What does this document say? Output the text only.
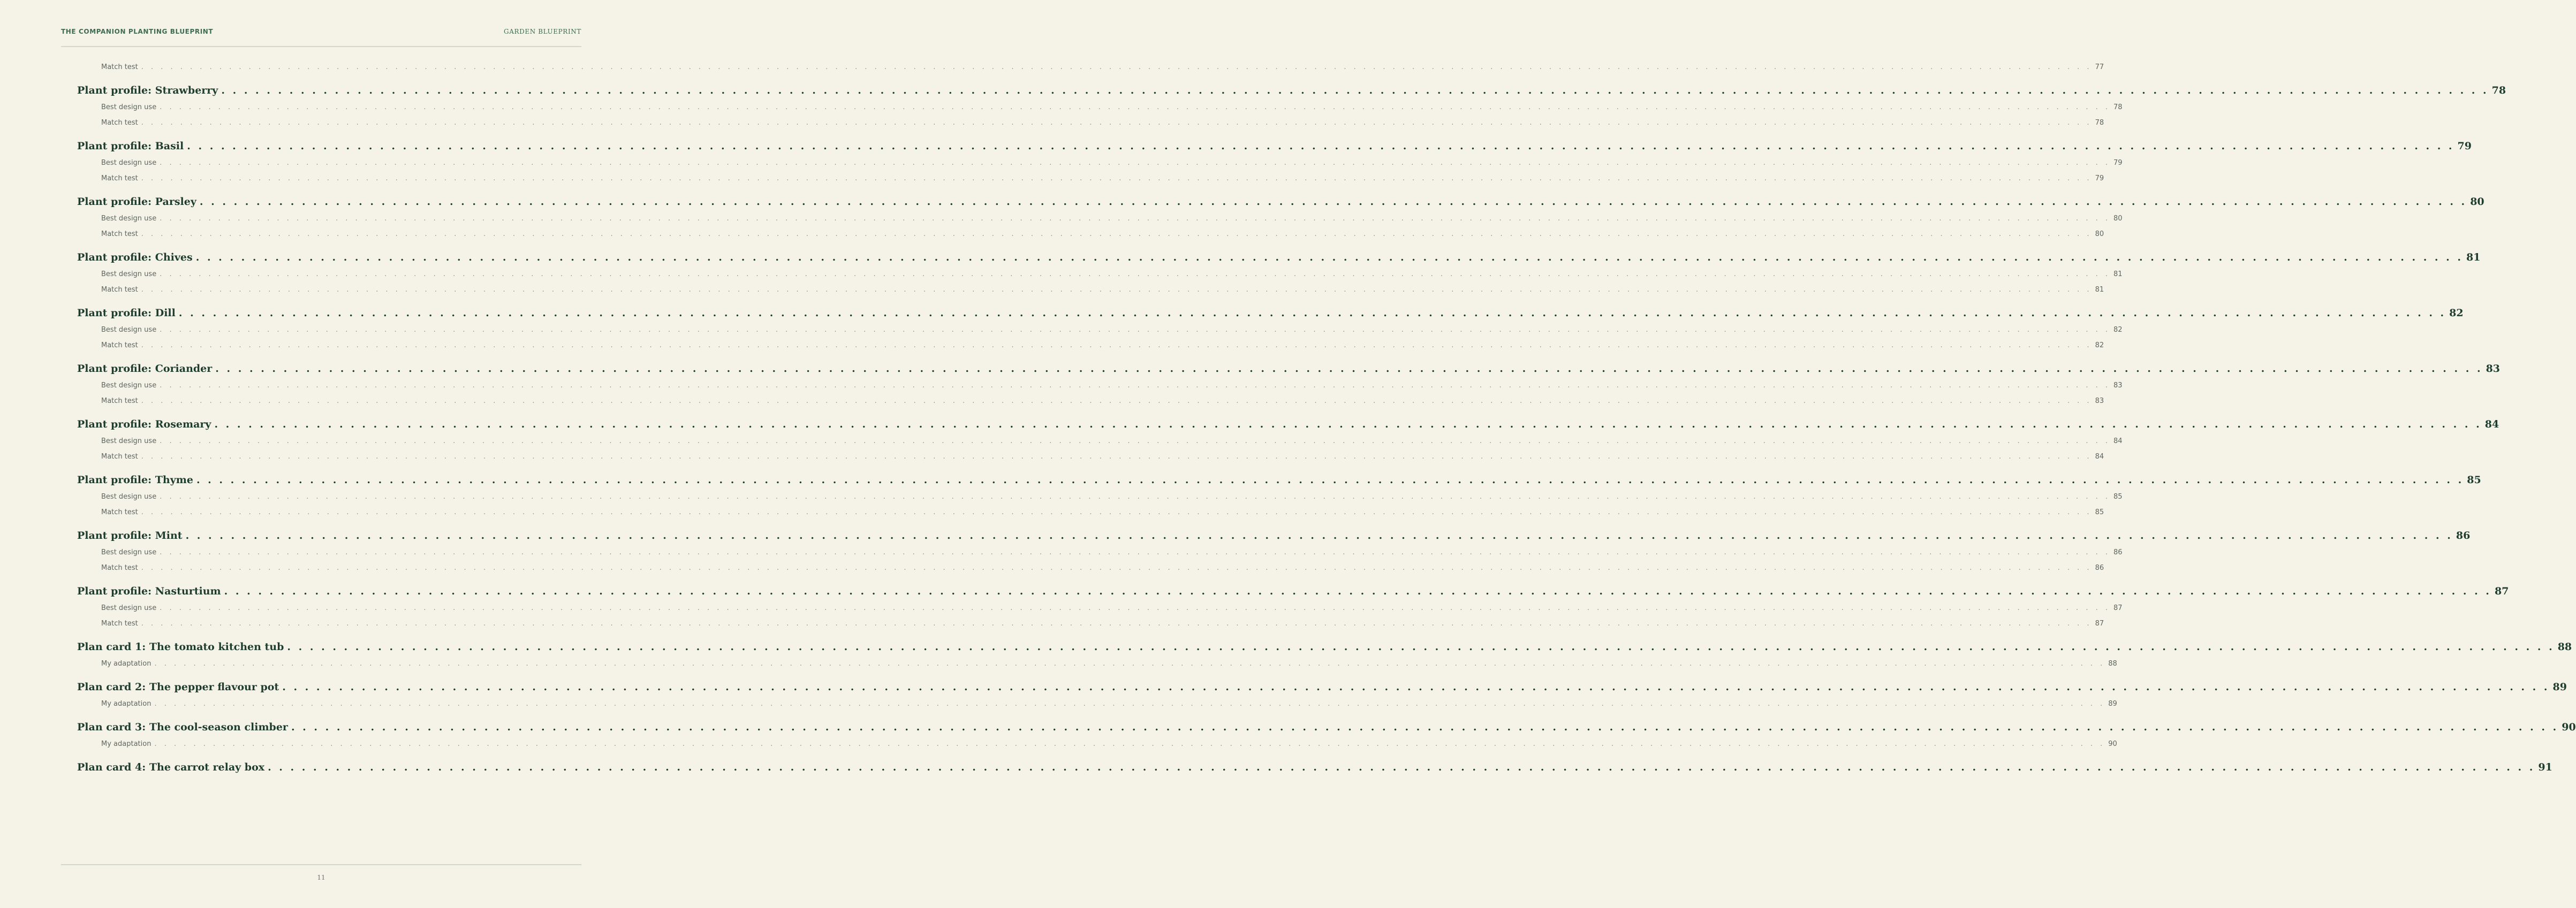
THE COMPANION PLANTING BLUEPRINT	GARDEN BLUEPRINT
Match test . . . . . . . . . . . . . . . . . . . . . . . . . . . . . . . . . . . . . . . . . . . . . . . . . . . . . . . . . . . . . . . . . . . . . . . . . . . . . . . . . . . . . . . . . . . . . . . . . . . . . . . . . . . . . . . . . . . . . . . . . . . . . . . . . . . . . . . . . . . . . . . . . . . . . . . . . . . . . . . . . . . . . . . . . . . . . . . . . . . . . . . . . . . . . . . . . . . . . . . . 77
Plant profile: Strawberry . . . . . . . . . . . . . . . . . . . . . . . . . . . . . . . . . . . . . . . . . . . . . . . . . . . . . . . . . . . . . . . . . . . . . . . . . . . . . . . . . . . . . . . . . . . . . . . . . . . . . . . . . . . . . . . . . . . . . . . . . . . . . . . . . . . . . . . . . . . . . . . . . . . . . . . . . . . . . . . . . . . . . . . . . . . . . . . . . . . . . . . . . . . . . . . . . . . . . . . . 78
Best design use . . . . . . . . . . . . . . . . . . . . . . . . . . . . . . . . . . . . . . . . . . . . . . . . . . . . . . . . . . . . . . . . . . . . . . . . . . . . . . . . . . . . . . . . . . . . . . . . . . . . . . . . . . . . . . . . . . . . . . . . . . . . . . . . . . . . . . . . . . . . . . . . . . . . . . . . . . . . . . . . . . . . . . . . . . . . . . . . . . . . . . . . . . . . . . . . . . . . . . . . 78
Match test . . . . . . . . . . . . . . . . . . . . . . . . . . . . . . . . . . . . . . . . . . . . . . . . . . . . . . . . . . . . . . . . . . . . . . . . . . . . . . . . . . . . . . . . . . . . . . . . . . . . . . . . . . . . . . . . . . . . . . . . . . . . . . . . . . . . . . . . . . . . . . . . . . . . . . . . . . . . . . . . . . . . . . . . . . . . . . . . . . . . . . . . . . . . . . . . . . . . . . . . 78
Plant profile: Basil . . . . . . . . . . . . . . . . . . . . . . . . . . . . . . . . . . . . . . . . . . . . . . . . . . . . . . . . . . . . . . . . . . . . . . . . . . . . . . . . . . . . . . . . . . . . . . . . . . . . . . . . . . . . . . . . . . . . . . . . . . . . . . . . . . . . . . . . . . . . . . . . . . . . . . . . . . . . . . . . . . . . . . . . . . . . . . . . . . . . . . . . . . . . . . . . . . . . . . . . 79
Best design use . . . . . . . . . . . . . . . . . . . . . . . . . . . . . . . . . . . . . . . . . . . . . . . . . . . . . . . . . . . . . . . . . . . . . . . . . . . . . . . . . . . . . . . . . . . . . . . . . . . . . . . . . . . . . . . . . . . . . . . . . . . . . . . . . . . . . . . . . . . . . . . . . . . . . . . . . . . . . . . . . . . . . . . . . . . . . . . . . . . . . . . . . . . . . . . . . . . . . . . . 79
Match test . . . . . . . . . . . . . . . . . . . . . . . . . . . . . . . . . . . . . . . . . . . . . . . . . . . . . . . . . . . . . . . . . . . . . . . . . . . . . . . . . . . . . . . . . . . . . . . . . . . . . . . . . . . . . . . . . . . . . . . . . . . . . . . . . . . . . . . . . . . . . . . . . . . . . . . . . . . . . . . . . . . . . . . . . . . . . . . . . . . . . . . . . . . . . . . . . . . . . . . . 79
Plant profile: Parsley . . . . . . . . . . . . . . . . . . . . . . . . . . . . . . . . . . . . . . . . . . . . . . . . . . . . . . . . . . . . . . . . . . . . . . . . . . . . . . . . . . . . . . . . . . . . . . . . . . . . . . . . . . . . . . . . . . . . . . . . . . . . . . . . . . . . . . . . . . . . . . . . . . . . . . . . . . . . . . . . . . . . . . . . . . . . . . . . . . . . . . . . . . . . . . . . . . . . . . . . 80
Best design use . . . . . . . . . . . . . . . . . . . . . . . . . . . . . . . . . . . . . . . . . . . . . . . . . . . . . . . . . . . . . . . . . . . . . . . . . . . . . . . . . . . . . . . . . . . . . . . . . . . . . . . . . . . . . . . . . . . . . . . . . . . . . . . . . . . . . . . . . . . . . . . . . . . . . . . . . . . . . . . . . . . . . . . . . . . . . . . . . . . . . . . . . . . . . . . . . . . . . . . . 80
Match test . . . . . . . . . . . . . . . . . . . . . . . . . . . . . . . . . . . . . . . . . . . . . . . . . . . . . . . . . . . . . . . . . . . . . . . . . . . . . . . . . . . . . . . . . . . . . . . . . . . . . . . . . . . . . . . . . . . . . . . . . . . . . . . . . . . . . . . . . . . . . . . . . . . . . . . . . . . . . . . . . . . . . . . . . . . . . . . . . . . . . . . . . . . . . . . . . . . . . . . . 80
Plant profile: Chives . . . . . . . . . . . . . . . . . . . . . . . . . . . . . . . . . . . . . . . . . . . . . . . . . . . . . . . . . . . . . . . . . . . . . . . . . . . . . . . . . . . . . . . . . . . . . . . . . . . . . . . . . . . . . . . . . . . . . . . . . . . . . . . . . . . . . . . . . . . . . . . . . . . . . . . . . . . . . . . . . . . . . . . . . . . . . . . . . . . . . . . . . . . . . . . . . . . . . . . . 81
Best design use . . . . . . . . . . . . . . . . . . . . . . . . . . . . . . . . . . . . . . . . . . . . . . . . . . . . . . . . . . . . . . . . . . . . . . . . . . . . . . . . . . . . . . . . . . . . . . . . . . . . . . . . . . . . . . . . . . . . . . . . . . . . . . . . . . . . . . . . . . . . . . . . . . . . . . . . . . . . . . . . . . . . . . . . . . . . . . . . . . . . . . . . . . . . . . . . . . . . . . . . 81
Match test . . . . . . . . . . . . . . . . . . . . . . . . . . . . . . . . . . . . . . . . . . . . . . . . . . . . . . . . . . . . . . . . . . . . . . . . . . . . . . . . . . . . . . . . . . . . . . . . . . . . . . . . . . . . . . . . . . . . . . . . . . . . . . . . . . . . . . . . . . . . . . . . . . . . . . . . . . . . . . . . . . . . . . . . . . . . . . . . . . . . . . . . . . . . . . . . . . . . . . . . 81
Plant profile: Dill . . . . . . . . . . . . . . . . . . . . . . . . . . . . . . . . . . . . . . . . . . . . . . . . . . . . . . . . . . . . . . . . . . . . . . . . . . . . . . . . . . . . . . . . . . . . . . . . . . . . . . . . . . . . . . . . . . . . . . . . . . . . . . . . . . . . . . . . . . . . . . . . . . . . . . . . . . . . . . . . . . . . . . . . . . . . . . . . . . . . . . . . . . . . . . . . . . . . . . . . 82
Best design use . . . . . . . . . . . . . . . . . . . . . . . . . . . . . . . . . . . . . . . . . . . . . . . . . . . . . . . . . . . . . . . . . . . . . . . . . . . . . . . . . . . . . . . . . . . . . . . . . . . . . . . . . . . . . . . . . . . . . . . . . . . . . . . . . . . . . . . . . . . . . . . . . . . . . . . . . . . . . . . . . . . . . . . . . . . . . . . . . . . . . . . . . . . . . . . . . . . . . . . . 82
Match test . . . . . . . . . . . . . . . . . . . . . . . . . . . . . . . . . . . . . . . . . . . . . . . . . . . . . . . . . . . . . . . . . . . . . . . . . . . . . . . . . . . . . . . . . . . . . . . . . . . . . . . . . . . . . . . . . . . . . . . . . . . . . . . . . . . . . . . . . . . . . . . . . . . . . . . . . . . . . . . . . . . . . . . . . . . . . . . . . . . . . . . . . . . . . . . . . . . . . . . . 82
Plant profile: Coriander . . . . . . . . . . . . . . . . . . . . . . . . . . . . . . . . . . . . . . . . . . . . . . . . . . . . . . . . . . . . . . . . . . . . . . . . . . . . . . . . . . . . . . . . . . . . . . . . . . . . . . . . . . . . . . . . . . . . . . . . . . . . . . . . . . . . . . . . . . . . . . . . . . . . . . . . . . . . . . . . . . . . . . . . . . . . . . . . . . . . . . . . . . . . . . . . . . . . . . . . 83
Best design use . . . . . . . . . . . . . . . . . . . . . . . . . . . . . . . . . . . . . . . . . . . . . . . . . . . . . . . . . . . . . . . . . . . . . . . . . . . . . . . . . . . . . . . . . . . . . . . . . . . . . . . . . . . . . . . . . . . . . . . . . . . . . . . . . . . . . . . . . . . . . . . . . . . . . . . . . . . . . . . . . . . . . . . . . . . . . . . . . . . . . . . . . . . . . . . . . . . . . . . . 83
Match test . . . . . . . . . . . . . . . . . . . . . . . . . . . . . . . . . . . . . . . . . . . . . . . . . . . . . . . . . . . . . . . . . . . . . . . . . . . . . . . . . . . . . . . . . . . . . . . . . . . . . . . . . . . . . . . . . . . . . . . . . . . . . . . . . . . . . . . . . . . . . . . . . . . . . . . . . . . . . . . . . . . . . . . . . . . . . . . . . . . . . . . . . . . . . . . . . . . . . . . . 83
Plant profile: Rosemary . . . . . . . . . . . . . . . . . . . . . . . . . . . . . . . . . . . . . . . . . . . . . . . . . . . . . . . . . . . . . . . . . . . . . . . . . . . . . . . . . . . . . . . . . . . . . . . . . . . . . . . . . . . . . . . . . . . . . . . . . . . . . . . . . . . . . . . . . . . . . . . . . . . . . . . . . . . . . . . . . . . . . . . . . . . . . . . . . . . . . . . . . . . . . . . . . . . . . . . . 84
Best design use . . . . . . . . . . . . . . . . . . . . . . . . . . . . . . . . . . . . . . . . . . . . . . . . . . . . . . . . . . . . . . . . . . . . . . . . . . . . . . . . . . . . . . . . . . . . . . . . . . . . . . . . . . . . . . . . . . . . . . . . . . . . . . . . . . . . . . . . . . . . . . . . . . . . . . . . . . . . . . . . . . . . . . . . . . . . . . . . . . . . . . . . . . . . . . . . . . . . . . . . 84
Match test . . . . . . . . . . . . . . . . . . . . . . . . . . . . . . . . . . . . . . . . . . . . . . . . . . . . . . . . . . . . . . . . . . . . . . . . . . . . . . . . . . . . . . . . . . . . . . . . . . . . . . . . . . . . . . . . . . . . . . . . . . . . . . . . . . . . . . . . . . . . . . . . . . . . . . . . . . . . . . . . . . . . . . . . . . . . . . . . . . . . . . . . . . . . . . . . . . . . . . . . 84
Plant profile: Thyme . . . . . . . . . . . . . . . . . . . . . . . . . . . . . . . . . . . . . . . . . . . . . . . . . . . . . . . . . . . . . . . . . . . . . . . . . . . . . . . . . . . . . . . . . . . . . . . . . . . . . . . . . . . . . . . . . . . . . . . . . . . . . . . . . . . . . . . . . . . . . . . . . . . . . . . . . . . . . . . . . . . . . . . . . . . . . . . . . . . . . . . . . . . . . . . . . . . . . . . . 85
Best design use . . . . . . . . . . . . . . . . . . . . . . . . . . . . . . . . . . . . . . . . . . . . . . . . . . . . . . . . . . . . . . . . . . . . . . . . . . . . . . . . . . . . . . . . . . . . . . . . . . . . . . . . . . . . . . . . . . . . . . . . . . . . . . . . . . . . . . . . . . . . . . . . . . . . . . . . . . . . . . . . . . . . . . . . . . . . . . . . . . . . . . . . . . . . . . . . . . . . . . . . 85
Match test . . . . . . . . . . . . . . . . . . . . . . . . . . . . . . . . . . . . . . . . . . . . . . . . . . . . . . . . . . . . . . . . . . . . . . . . . . . . . . . . . . . . . . . . . . . . . . . . . . . . . . . . . . . . . . . . . . . . . . . . . . . . . . . . . . . . . . . . . . . . . . . . . . . . . . . . . . . . . . . . . . . . . . . . . . . . . . . . . . . . . . . . . . . . . . . . . . . . . . . . 85
Plant profile: Mint . . . . . . . . . . . . . . . . . . . . . . . . . . . . . . . . . . . . . . . . . . . . . . . . . . . . . . . . . . . . . . . . . . . . . . . . . . . . . . . . . . . . . . . . . . . . . . . . . . . . . . . . . . . . . . . . . . . . . . . . . . . . . . . . . . . . . . . . . . . . . . . . . . . . . . . . . . . . . . . . . . . . . . . . . . . . . . . . . . . . . . . . . . . . . . . . . . . . . . . . 86
Best design use . . . . . . . . . . . . . . . . . . . . . . . . . . . . . . . . . . . . . . . . . . . . . . . . . . . . . . . . . . . . . . . . . . . . . . . . . . . . . . . . . . . . . . . . . . . . . . . . . . . . . . . . . . . . . . . . . . . . . . . . . . . . . . . . . . . . . . . . . . . . . . . . . . . . . . . . . . . . . . . . . . . . . . . . . . . . . . . . . . . . . . . . . . . . . . . . . . . . . . . . 86
Match test . . . . . . . . . . . . . . . . . . . . . . . . . . . . . . . . . . . . . . . . . . . . . . . . . . . . . . . . . . . . . . . . . . . . . . . . . . . . . . . . . . . . . . . . . . . . . . . . . . . . . . . . . . . . . . . . . . . . . . . . . . . . . . . . . . . . . . . . . . . . . . . . . . . . . . . . . . . . . . . . . . . . . . . . . . . . . . . . . . . . . . . . . . . . . . . . . . . . . . . . 86
Plant profile: Nasturtium . . . . . . . . . . . . . . . . . . . . . . . . . . . . . . . . . . . . . . . . . . . . . . . . . . . . . . . . . . . . . . . . . . . . . . . . . . . . . . . . . . . . . . . . . . . . . . . . . . . . . . . . . . . . . . . . . . . . . . . . . . . . . . . . . . . . . . . . . . . . . . . . . . . . . . . . . . . . . . . . . . . . . . . . . . . . . . . . . . . . . . . . . . . . . . . . . . . . . . . . 87
Best design use . . . . . . . . . . . . . . . . . . . . . . . . . . . . . . . . . . . . . . . . . . . . . . . . . . . . . . . . . . . . . . . . . . . . . . . . . . . . . . . . . . . . . . . . . . . . . . . . . . . . . . . . . . . . . . . . . . . . . . . . . . . . . . . . . . . . . . . . . . . . . . . . . . . . . . . . . . . . . . . . . . . . . . . . . . . . . . . . . . . . . . . . . . . . . . . . . . . . . . . . 87
Match test . . . . . . . . . . . . . . . . . . . . . . . . . . . . . . . . . . . . . . . . . . . . . . . . . . . . . . . . . . . . . . . . . . . . . . . . . . . . . . . . . . . . . . . . . . . . . . . . . . . . . . . . . . . . . . . . . . . . . . . . . . . . . . . . . . . . . . . . . . . . . . . . . . . . . . . . . . . . . . . . . . . . . . . . . . . . . . . . . . . . . . . . . . . . . . . . . . . . . . . . 87
Plan card 1: The tomato kitchen tub . . . . . . . . . . . . . . . . . . . . . . . . . . . . . . . . . . . . . . . . . . . . . . . . . . . . . . . . . . . . . . . . . . . . . . . . . . . . . . . . . . . . . . . . . . . . . . . . . . . . . . . . . . . . . . . . . . . . . . . . . . . . . . . . . . . . . . . . . . . . . . . . . . . . . . . . . . . . . . . . . . . . . . . . . . . . . . . . . . . . . . . . . . . . . . . . . . . . . . . . 88
My adaptation . . . . . . . . . . . . . . . . . . . . . . . . . . . . . . . . . . . . . . . . . . . . . . . . . . . . . . . . . . . . . . . . . . . . . . . . . . . . . . . . . . . . . . . . . . . . . . . . . . . . . . . . . . . . . . . . . . . . . . . . . . . . . . . . . . . . . . . . . . . . . . . . . . . . . . . . . . . . . . . . . . . . . . . . . . . . . . . . . . . . . . . . . . . . . . . . . . . . . . . . 88
Plan card 2: The pepper flavour pot . . . . . . . . . . . . . . . . . . . . . . . . . . . . . . . . . . . . . . . . . . . . . . . . . . . . . . . . . . . . . . . . . . . . . . . . . . . . . . . . . . . . . . . . . . . . . . . . . . . . . . . . . . . . . . . . . . . . . . . . . . . . . . . . . . . . . . . . . . . . . . . . . . . . . . . . . . . . . . . . . . . . . . . . . . . . . . . . . . . . . . . . . . . . . . . . . . . . . . . . 89
My adaptation . . . . . . . . . . . . . . . . . . . . . . . . . . . . . . . . . . . . . . . . . . . . . . . . . . . . . . . . . . . . . . . . . . . . . . . . . . . . . . . . . . . . . . . . . . . . . . . . . . . . . . . . . . . . . . . . . . . . . . . . . . . . . . . . . . . . . . . . . . . . . . . . . . . . . . . . . . . . . . . . . . . . . . . . . . . . . . . . . . . . . . . . . . . . . . . . . . . . . . . . 89
Plan card 3: The cool-season climber . . . . . . . . . . . . . . . . . . . . . . . . . . . . . . . . . . . . . . . . . . . . . . . . . . . . . . . . . . . . . . . . . . . . . . . . . . . . . . . . . . . . . . . . . . . . . . . . . . . . . . . . . . . . . . . . . . . . . . . . . . . . . . . . . . . . . . . . . . . . . . . . . . . . . . . . . . . . . . . . . . . . . . . . . . . . . . . . . . . . . . . . . . . . . . . . . . . . . . . . 90
My adaptation . . . . . . . . . . . . . . . . . . . . . . . . . . . . . . . . . . . . . . . . . . . . . . . . . . . . . . . . . . . . . . . . . . . . . . . . . . . . . . . . . . . . . . . . . . . . . . . . . . . . . . . . . . . . . . . . . . . . . . . . . . . . . . . . . . . . . . . . . . . . . . . . . . . . . . . . . . . . . . . . . . . . . . . . . . . . . . . . . . . . . . . . . . . . . . . . . . . . . . . . 90
Plan card 4: The carrot relay box . . . . . . . . . . . . . . . . . . . . . . . . . . . . . . . . . . . . . . . . . . . . . . . . . . . . . . . . . . . . . . . . . . . . . . . . . . . . . . . . . . . . . . . . . . . . . . . . . . . . . . . . . . . . . . . . . . . . . . . . . . . . . . . . . . . . . . . . . . . . . . . . . . . . . . . . . . . . . . . . . . . . . . . . . . . . . . . . . . . . . . . . . . . . . . . . . . . . . . . . 91
11
